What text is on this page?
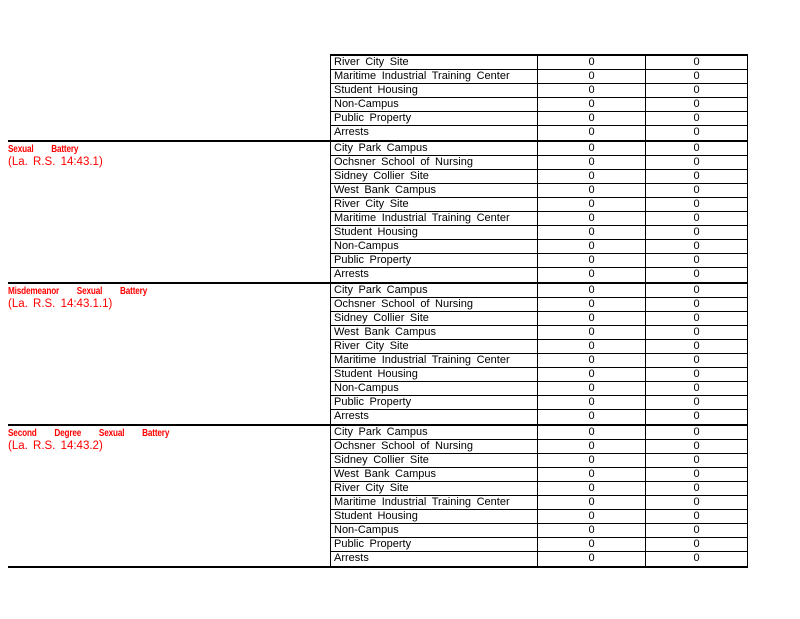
River City Site	0	0
Maritime Industrial Training Center	0	0
Student Housing	0	0
Non-Campus	0	0
Public Property	0	0
Arrests	0	0
Sexual Battery
(La. R.S. 14:43.1)
City Park Campus	0	0
Ochsner School of Nursing	0	0
Sidney Collier Site	0	0
West Bank Campus	0	0
River City Site	0	0
Maritime Industrial Training Center	0	0
Student Housing	0	0
Non-Campus	0	0
Public Property	0	0
Arrests	0	0
Misdemeanor Sexual Battery
(La. R.S. 14:43.1.1)
City Park Campus	0	0
Ochsner School of Nursing	0	0
Sidney Collier Site	0	0
West Bank Campus	0	0
River City Site	0	0
Maritime Industrial Training Center	0	0
Student Housing	0	0
Non-Campus	0	0
Public Property	0	0
Arrests	0	0
Second Degree Sexual Battery
(La. R.S. 14:43.2)
City Park Campus	0	0
Ochsner School of Nursing	0	0
Sidney Collier Site	0	0
West Bank Campus	0	0
River City Site	0	0
Maritime Industrial Training Center	0	0
Student Housing	0	0
Non-Campus	0	0
Public Property	0	0
Arrests	0	0
